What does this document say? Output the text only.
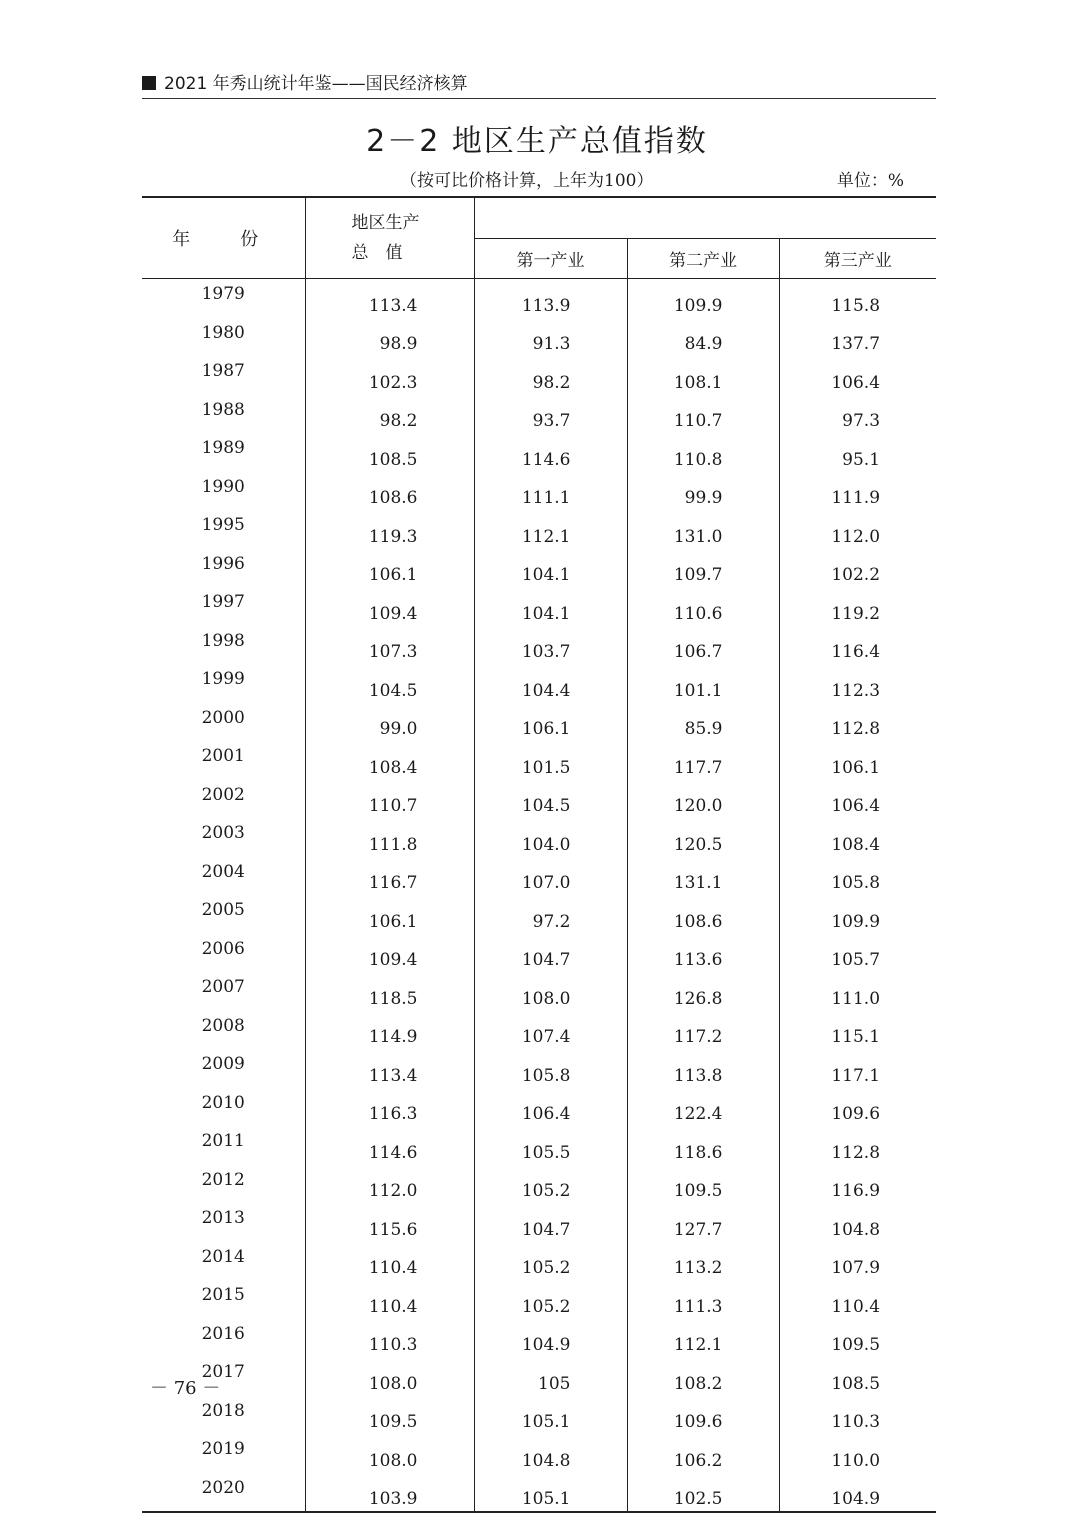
2021 年秀山统计年鉴——国民经济核算
2－2 地区生产总值指数
（按可比价格计算，上年为100）	单位：%
年　份	地区生产
总　值			
		第一产业	第二产业	第三产业
1979	113.4	113.9	109.9	115.8
1980	98.9	91.3	84.9	137.7
1987	102.3	98.2	108.1	106.4
1988	98.2	93.7	110.7	97.3
1989	108.5	114.6	110.8	95.1
1990	108.6	111.1	99.9	111.9
1995	119.3	112.1	131.0	112.0
1996	106.1	104.1	109.7	102.2
1997	109.4	104.1	110.6	119.2
1998	107.3	103.7	106.7	116.4
1999	104.5	104.4	101.1	112.3
2000	99.0	106.1	85.9	112.8
2001	108.4	101.5	117.7	106.1
2002	110.7	104.5	120.0	106.4
2003	111.8	104.0	120.5	108.4
2004	116.7	107.0	131.1	105.8
2005	106.1	97.2	108.6	109.9
2006	109.4	104.7	113.6	105.7
2007	118.5	108.0	126.8	111.0
2008	114.9	107.4	117.2	115.1
2009	113.4	105.8	113.8	117.1
2010	116.3	106.4	122.4	109.6
2011	114.6	105.5	118.6	112.8
2012	112.0	105.2	109.5	116.9
2013	115.6	104.7	127.7	104.8
2014	110.4	105.2	113.2	107.9
2015	110.4	105.2	111.3	110.4
2016	110.3	104.9	112.1	109.5
2017	108.0	105	108.2	108.5
2018	109.5	105.1	109.6	110.3
2019	108.0	104.8	106.2	110.0
2020	103.9	105.1	102.5	104.9
－ 76 －
